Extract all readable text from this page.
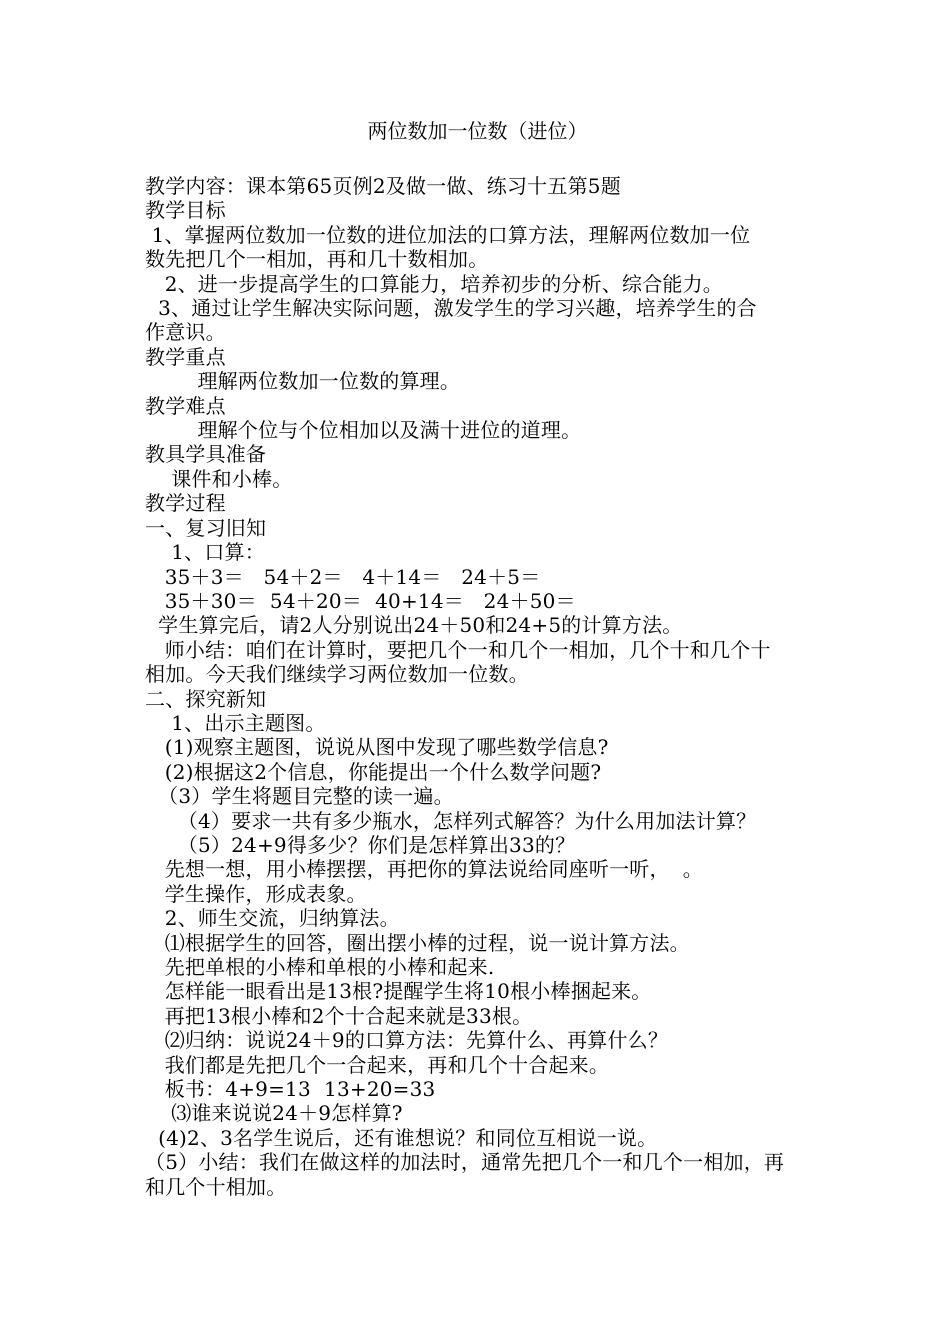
两位数加一位数（进位）

教学内容：课本第65页例2及做一做、练习十五第5题

教学目标

1、掌握两位数加一位数的进位加法的口算方法，理解两位数加一位

数先把几个一相加，再和几十数相加。

2、进一步提高学生的口算能力，培养初步的分析、综合能力。

3、通过让学生解决实际问题，激发学生的学习兴趣，培养学生的合

作意识。

教学重点

理解两位数加一位数的算理。

教学难点

理解个位与个位相加以及满十进位的道理。

教具学具准备

课件和小棒。

教学过程

一、复习旧知

1、口算：

35＋3＝   54＋2＝   4＋14＝   24＋5＝

35＋30＝  54＋20＝  40+14＝   24＋50＝

学生算完后，请2人分别说出24＋50和24+5的计算方法。

师小结：咱们在计算时，要把几个一和几个一相加，几个十和几个十

相加。今天我们继续学习两位数加一位数。

二、探究新知

1、出示主题图。

(1)观察主题图，说说从图中发现了哪些数学信息?

(2)根据这2个信息，你能提出一个什么数学问题?

（3）学生将题目完整的读一遍。

（4）要求一共有多少瓶水，怎样列式解答？为什么用加法计算？

（5）24+9得多少？你们是怎样算出33的？

先想一想，用小棒摆摆，再把你的算法说给同座听一听，  。

学生操作，形成表象。

2、师生交流，归纳算法。

⑴根据学生的回答，圈出摆小棒的过程，说一说计算方法。

先把单根的小棒和单根的小棒和起来.

怎样能一眼看出是13根?提醒学生将10根小棒捆起来。

再把13根小棒和2个十合起来就是33根。

⑵归纳：说说24＋9的口算方法：先算什么、再算什么？

我们都是先把几个一合起来，再和几个十合起来。

板书：4+9=13  13+20=33

⑶谁来说说24＋9怎样算?

(4)2、3名学生说后，还有谁想说？和同位互相说一说。

（5）小结：我们在做这样的加法时，通常先把几个一和几个一相加，再

和几个十相加。
